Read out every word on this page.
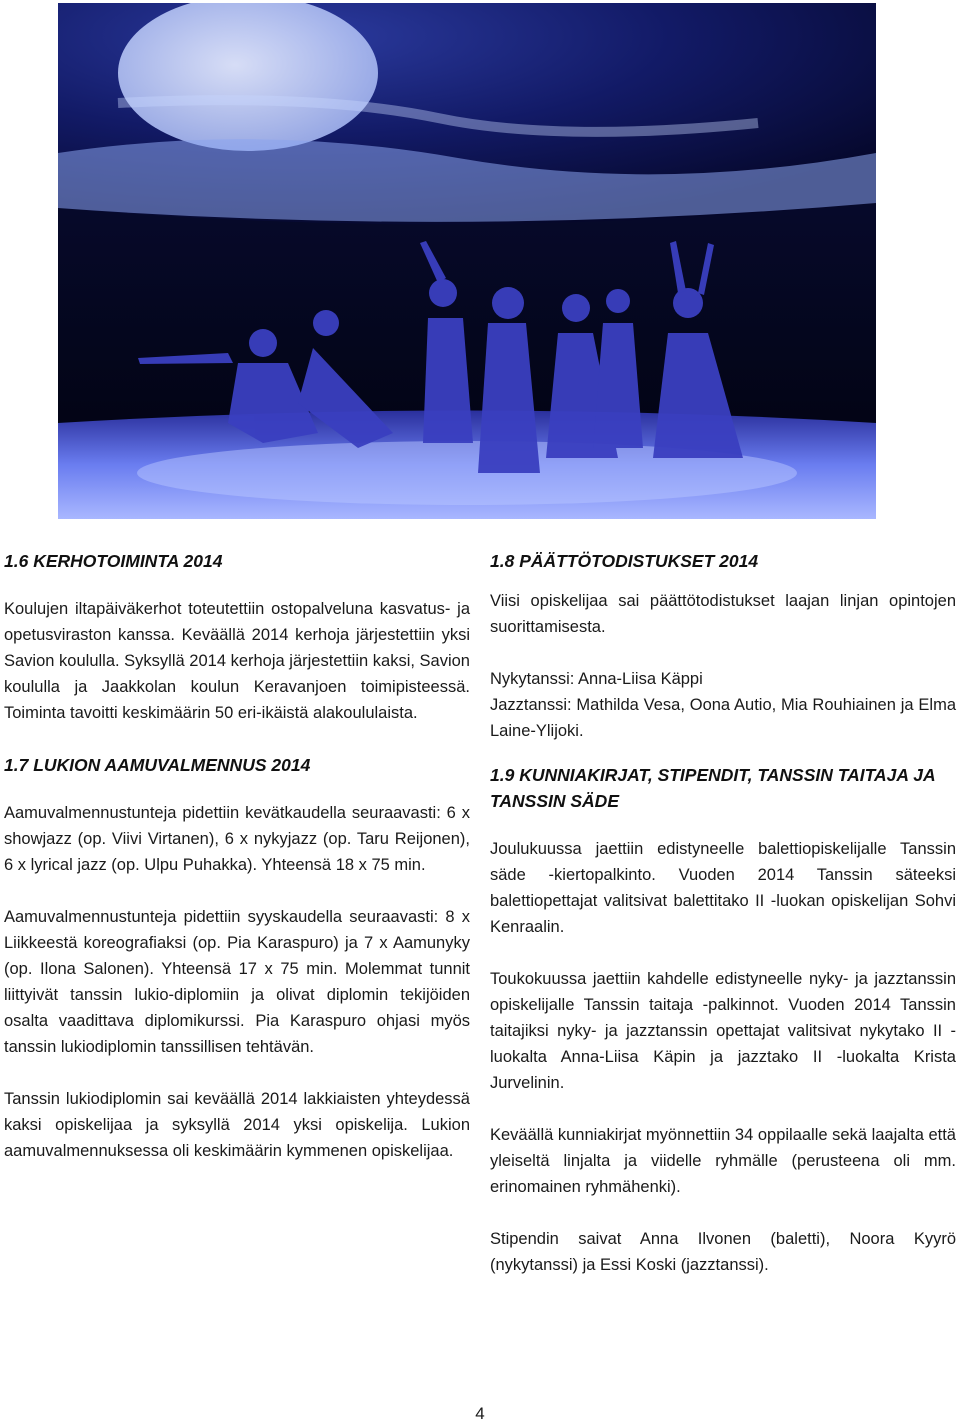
1.6 KERHOTOIMINTA 2014

Koulujen iltapäiväkerhot toteutettiin ostopalveluna kasvatus- ja opetusviraston kanssa. Keväällä 2014 kerhoja järjestettiin yksi Savion koululla. Syksyllä 2014 kerhoja järjestettiin kaksi, Savion koululla ja Jaakkolan koulun Keravanjoen toimipisteessä. Toiminta tavoitti keskimäärin 50 eri-ikäistä alakoululaista.

1.7 LUKION AAMUVALMENNUS 2014

Aamuvalmennustunteja pidettiin kevätkaudella seuraavasti: 6 x showjazz (op. Viivi Virtanen), 6 x nykyjazz (op. Taru Reijonen), 6 x lyrical jazz (op. Ulpu Puhakka). Yhteensä 18 x 75 min.

Aamuvalmennustunteja pidettiin syyskaudella seuraavasti: 8 x Liikkeestä koreografiaksi (op. Pia Karaspuro) ja 7 x Aamunyky (op. Ilona Salonen). Yhteensä 17 x 75 min. Molemmat tunnit liittyivät tanssin lukio-diplomiin ja olivat diplomin tekijöiden osalta vaadittava diplomikurssi. Pia Karaspuro ohjasi myös tanssin lukiodiplomin tanssillisen tehtävän.

Tanssin lukiodiplomin sai keväällä 2014 lakkiaisten yhteydessä kaksi opiskelijaa ja syksyllä 2014 yksi opiskelija. Lukion aamuvalmennuksessa oli keskimäärin kymmenen opiskelijaa.

1.8 PÄÄTTÖTODISTUKSET 2014

Viisi opiskelijaa sai päättötodistukset laajan linjan opintojen suorittamisesta.

Nykytanssi: Anna-Liisa Käppi

Jazztanssi: Mathilda Vesa, Oona Autio, Mia Rouhiainen ja Elma Laine-Ylijoki.

1.9 KUNNIAKIRJAT, STIPENDIT, TANSSIN TAITAJA JA TANSSIN SÄDE

Joulukuussa jaettiin edistyneelle balettiopiskelijalle Tanssin säde -kiertopalkinto. Vuoden 2014 Tanssin säteeksi balettiopettajat valitsivat balettitako II -luokan opiskelijan Sohvi Kenraalin.

Toukokuussa jaettiin kahdelle edistyneelle nyky- ja jazztanssin opiskelijalle Tanssin taitaja -palkinnot. Vuoden 2014 Tanssin taitajiksi nyky- ja jazztanssin opettajat valitsivat nykytako II -luokalta Anna-Liisa Käpin ja jazztako II -luokalta Krista Jurvelinin.

Keväällä kunniakirjat myönnettiin 34 oppilaalle sekä laajalta että yleiseltä linjalta ja viidelle ryhmälle (perusteena oli mm. erinomainen ryhmähenki).

Stipendin saivat Anna Ilvonen (baletti), Noora Kyyrö (nykytanssi) ja Essi Koski (jazztanssi).

4
